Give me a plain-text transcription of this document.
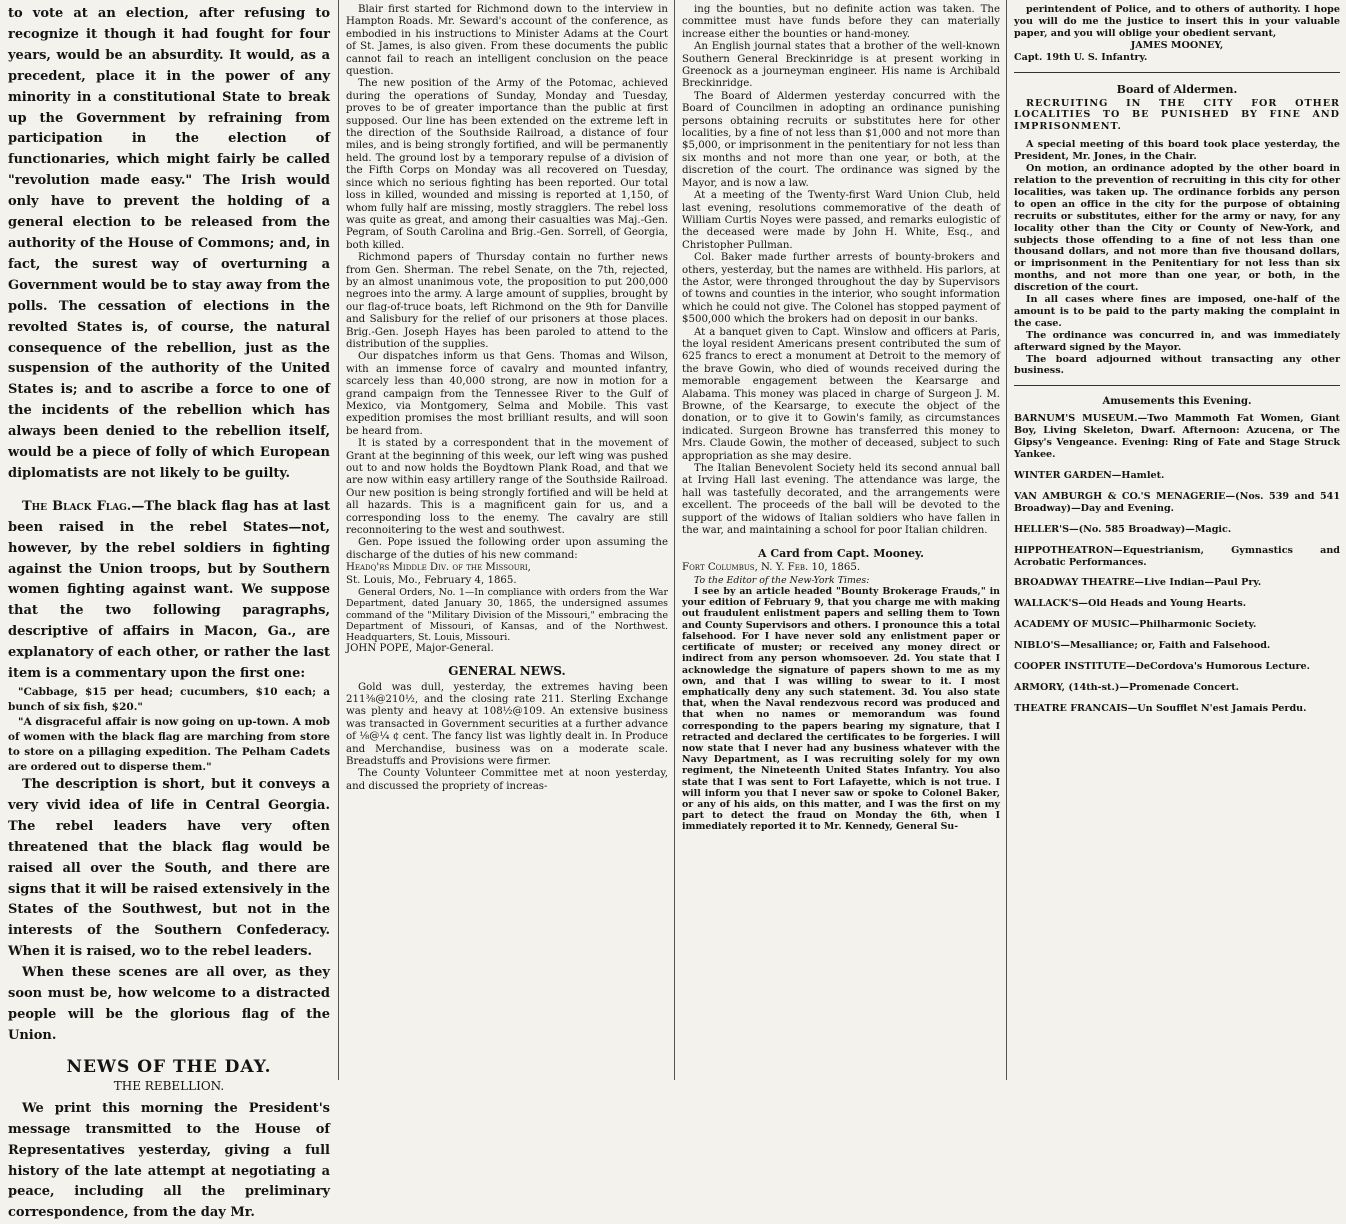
to vote at an election, after refusing to recognize it though it had fought for four years, would be an absurdity. It would, as a precedent, place it in the power of any minority in a constitutional State to break up the Government by refraining from participation in the election of functionaries, which might fairly be called "revolution made easy." The Irish would only have to prevent the holding of a general election to be released from the authority of the House of Commons; and, in fact, the surest way of overturning a Government would be to stay away from the polls. The cessation of elections in the revolted States is, of course, the natural consequence of the rebellion, just as the suspension of the authority of the United States is; and to ascribe a force to one of the incidents of the rebellion which has always been denied to the rebellion itself, would be a piece of folly of which European diplomatists are not likely to be guilty.

The Black Flag.—The black flag has at last been raised in the rebel States—not, however, by the rebel soldiers in fighting against the Union troops, but by Southern women fighting against want. We suppose that the two following paragraphs, descriptive of affairs in Macon, Ga., are explanatory of each other, or rather the last item is a commentary upon the first one:

"Cabbage, $15 per head; cucumbers, $10 each; a bunch of six fish, $20."

"A disgraceful affair is now going on up-town. A mob of women with the black flag are marching from store to store on a pillaging expedition. The Pelham Cadets are ordered out to disperse them."

The description is short, but it conveys a very vivid idea of life in Central Georgia. The rebel leaders have very often threatened that the black flag would be raised all over the South, and there are signs that it will be raised extensively in the States of the Southwest, but not in the interests of the Southern Confederacy. When it is raised, wo to the rebel leaders.

When these scenes are all over, as they soon must be, how welcome to a distracted people will be the glorious flag of the Union.

NEWS OF THE DAY.
THE REBELLION.

We print this morning the President's message transmitted to the House of Representatives yesterday, giving a full history of the late attempt at negotiating a peace, including all the preliminary correspondence, from the day Mr.

Blair first started for Richmond down to the interview in Hampton Roads. Mr. Seward's account of the conference, as embodied in his instructions to Minister Adams at the Court of St. James, is also given. From these documents the public cannot fail to reach an intelligent conclusion on the peace question.

The new position of the Army of the Potomac, achieved during the operations of Sunday, Monday and Tuesday, proves to be of greater importance than the public at first supposed. Our line has been extended on the extreme left in the direction of the Southside Railroad, a distance of four miles, and is being strongly fortified, and will be permanently held. The ground lost by a temporary repulse of a division of the Fifth Corps on Monday was all recovered on Tuesday, since which no serious fighting has been reported. Our total loss in killed, wounded and missing is reported at 1,150, of whom fully half are missing, mostly stragglers. The rebel loss was quite as great, and among their casualties was Maj.-Gen. Pegram, of South Carolina and Brig.-Gen. Sorrell, of Georgia, both killed.

Richmond papers of Thursday contain no further news from Gen. Sherman. The rebel Senate, on the 7th, rejected, by an almost unanimous vote, the proposition to put 200,000 negroes into the army. A large amount of supplies, brought by our flag-of-truce boats, left Richmond on the 9th for Danville and Salisbury for the relief of our prisoners at those places. Brig.-Gen. Joseph Hayes has been paroled to attend to the distribution of the supplies.

Our dispatches inform us that Gens. Thomas and Wilson, with an immense force of cavalry and mounted infantry, scarcely less than 40,000 strong, are now in motion for a grand campaign from the Tennessee River to the Gulf of Mexico, via Montgomery, Selma and Mobile. This vast expedition promises the most brilliant results, and will soon be heard from.

It is stated by a correspondent that in the movement of Grant at the beginning of this week, our left wing was pushed out to and now holds the Boydtown Plank Road, and that we are now within easy artillery range of the Southside Railroad. Our new position is being strongly fortified and will be held at all hazards. This is a magnificent gain for us, and a corresponding loss to the enemy. The cavalry are still reconnoitering to the west and southwest.

Gen. Pope issued the following order upon assuming the discharge of the duties of his new command:

Headq'rs Middle Div. of the Missouri,

St. Louis, Mo., February 4, 1865.

General Orders, No. 1—In compliance with orders from the War Department, dated January 30, 1865, the undersigned assumes command of the "Military Division of the Missouri," embracing the Department of Missouri, of Kansas, and of the Northwest. Headquarters, St. Louis, Missouri.

JOHN POPE, Major-General.

GENERAL NEWS.

Gold was dull, yesterday, the extremes having been 211⅜@210½, and the closing rate 211. Sterling Exchange was plenty and heavy at 108½@109. An extensive business was transacted in Government securities at a further advance of ⅛@¼ ¢ cent. The fancy list was lightly dealt in. In Produce and Merchandise, business was on a moderate scale. Breadstuffs and Provisions were firmer.

The County Volunteer Committee met at noon yesterday, and discussed the propriety of increas-

ing the bounties, but no definite action was taken. The committee must have funds before they can materially increase either the bounties or hand-money.

An English journal states that a brother of the well-known Southern General Breckinridge is at present working in Greenock as a journeyman engineer. His name is Archibald Breckinridge.

The Board of Aldermen yesterday concurred with the Board of Councilmen in adopting an ordinance punishing persons obtaining recruits or substitutes here for other localities, by a fine of not less than $1,000 and not more than $5,000, or imprisonment in the penitentiary for not less than six months and not more than one year, or both, at the discretion of the court. The ordinance was signed by the Mayor, and is now a law.

At a meeting of the Twenty-first Ward Union Club, held last evening, resolutions commemorative of the death of William Curtis Noyes were passed, and remarks eulogistic of the deceased were made by John H. White, Esq., and Christopher Pullman.

Col. Baker made further arrests of bounty-brokers and others, yesterday, but the names are withheld. His parlors, at the Astor, were thronged throughout the day by Supervisors of towns and counties in the interior, who sought information which he could not give. The Colonel has stopped payment of $500,000 which the brokers had on deposit in our banks.

At a banquet given to Capt. Winslow and officers at Paris, the loyal resident Americans present contributed the sum of 625 francs to erect a monument at Detroit to the memory of the brave Gowin, who died of wounds received during the memorable engagement between the Kearsarge and Alabama. This money was placed in charge of Surgeon J. M. Browne, of the Kearsarge, to execute the object of the donation, or to give it to Gowin's family, as circumstances indicated. Surgeon Browne has transferred this money to Mrs. Claude Gowin, the mother of deceased, subject to such appropriation as she may desire.

The Italian Benevolent Society held its second annual ball at Irving Hall last evening. The attendance was large, the hall was tastefully decorated, and the arrangements were excellent. The proceeds of the ball will be devoted to the support of the widows of Italian soldiers who have fallen in the war, and maintaining a school for poor Italian children.

A Card from Capt. Mooney.

Fort Columbus, N. Y. Feb. 10, 1865.

To the Editor of the New-York Times:

I see by an article headed "Bounty Brokerage Frauds," in your edition of February 9, that you charge me with making out fraudulent enlistment papers and selling them to Town and County Supervisors and others. I pronounce this a total falsehood. For I have never sold any enlistment paper or certificate of muster; or received any money direct or indirect from any person whomsoever. 2d. You state that I acknowledge the signature of papers shown to me as my own, and that I was willing to swear to it. I most emphatically deny any such statement. 3d. You also state that, when the Naval rendezvous record was produced and that when no names or memorandum was found corresponding to the papers bearing my signature, that I retracted and declared the certificates to be forgeries. I will now state that I never had any business whatever with the Navy Department, as I was recruiting solely for my own regiment, the Nineteenth United States Infantry. You also state that I was sent to Fort Lafayette, which is not true. I will inform you that I never saw or spoke to Colonel Baker, or any of his aids, on this matter, and I was the first on my part to detect the fraud on Monday the 6th, when I immediately reported it to Mr. Kennedy, General Su-

perintendent of Police, and to others of authority. I hope you will do me the justice to insert this in your valuable paper, and you will oblige your obedient servant,

JAMES MOONEY,

Capt. 19th U. S. Infantry.

Board of Aldermen.

RECRUITING IN THE CITY FOR OTHER LOCALITIES TO BE PUNISHED BY FINE AND IMPRISONMENT.

A special meeting of this board took place yesterday, the President, Mr. Jones, in the Chair.

On motion, an ordinance adopted by the other board in relation to the prevention of recruiting in this city for other localities, was taken up. The ordinance forbids any person to open an office in the city for the purpose of obtaining recruits or substitutes, either for the army or navy, for any locality other than the City or County of New-York, and subjects those offending to a fine of not less than one thousand dollars, and not more than five thousand dollars, or imprisonment in the Penitentiary for not less than six months, and not more than one year, or both, in the discretion of the court.

In all cases where fines are imposed, one-half of the amount is to be paid to the party making the complaint in the case.

The ordinance was concurred in, and was immediately afterward signed by the Mayor.

The board adjourned without transacting any other business.

Amusements this Evening.

BARNUM'S MUSEUM.—Two Mammoth Fat Women, Giant Boy, Living Skeleton, Dwarf. Afternoon: Azucena, or The Gipsy's Vengeance. Evening: Ring of Fate and Stage Struck Yankee.

WINTER GARDEN—Hamlet.

VAN AMBURGH & CO.'S MENAGERIE—(Nos. 539 and 541 Broadway)—Day and Evening.

HELLER'S—(No. 585 Broadway)—Magic.

HIPPOTHEATRON—Equestrianism, Gymnastics and Acrobatic Performances.

BROADWAY THEATRE—Live Indian—Paul Pry.

WALLACK'S—Old Heads and Young Hearts.

ACADEMY OF MUSIC—Philharmonic Society.

NIBLO'S—Mesalliance; or, Faith and Falsehood.

COOPER INSTITUTE—DeCordova's Humorous Lecture.

ARMORY, (14th-st.)—Promenade Concert.

THEATRE FRANCAIS—Un Soufflet N'est Jamais Perdu.
